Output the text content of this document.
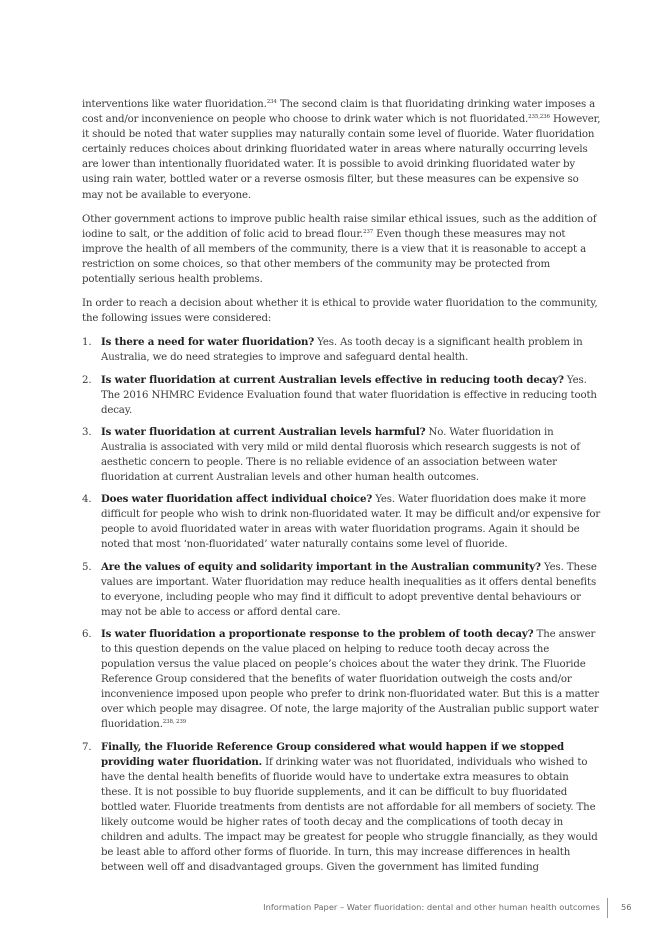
interventions like water fluoridation.$^{234}$ The second claim is that fluoridating drinking water imposes a cost and/or inconvenience on people who choose to drink water which is not fluoridated.$^{235,236}$ However, it should be noted that water supplies may naturally contain some level of fluoride. Water fluoridation certainly reduces choices about drinking fluoridated water in areas where naturally occurring levels are lower than intentionally fluoridated water. It is possible to avoid drinking fluoridated water by using rain water, bottled water or a reverse osmosis filter, but these measures can be expensive so may not be available to everyone.

Other government actions to improve public health raise similar ethical issues, such as the addition of iodine to salt, or the addition of folic acid to bread flour.$^{237}$ Even though these measures may not improve the health of all members of the community, there is a view that it is reasonable to accept a restriction on some choices, so that other members of the community may be protected from potentially serious health problems.

In order to reach a decision about whether it is ethical to provide water fluoridation to the community, the following issues were considered:

1. Is there a need for water fluoridation? Yes. As tooth decay is a significant health problem in Australia, we do need strategies to improve and safeguard dental health.
2. Is water fluoridation at current Australian levels effective in reducing tooth decay? Yes. The 2016 NHMRC Evidence Evaluation found that water fluoridation is effective in reducing tooth decay.
3. Is water fluoridation at current Australian levels harmful? No. Water fluoridation in Australia is associated with very mild or mild dental fluorosis which research suggests is not of aesthetic concern to people. There is no reliable evidence of an association between water fluoridation at current Australian levels and other human health outcomes.
4. Does water fluoridation affect individual choice? Yes. Water fluoridation does make it more difficult for people who wish to drink non-fluoridated water. It may be difficult and/or expensive for people to avoid fluoridated water in areas with water fluoridation programs. Again it should be noted that most ‘non-fluoridated’ water naturally contains some level of fluoride.
5. Are the values of equity and solidarity important in the Australian community? Yes. These values are important. Water fluoridation may reduce health inequalities as it offers dental benefits to everyone, including people who may find it difficult to adopt preventive dental behaviours or may not be able to access or afford dental care.
6. Is water fluoridation a proportionate response to the problem of tooth decay? The answer to this question depends on the value placed on helping to reduce tooth decay across the population versus the value placed on people’s choices about the water they drink. The Fluoride Reference Group considered that the benefits of water fluoridation outweigh the costs and/or inconvenience imposed upon people who prefer to drink non-fluoridated water. But this is a matter over which people may disagree. Of note, the large majority of the Australian public support water fluoridation.$^{238, 239}$
7. Finally, the Fluoride Reference Group considered what would happen if we stopped providing water fluoridation. If drinking water was not fluoridated, individuals who wished to have the dental health benefits of fluoride would have to undertake extra measures to obtain these. It is not possible to buy fluoride supplements, and it can be difficult to buy fluoridated bottled water. Fluoride treatments from dentists are not affordable for all members of society. The likely outcome would be higher rates of tooth decay and the complications of tooth decay in children and adults. The impact may be greatest for people who struggle financially, as they would be least able to afford other forms of fluoride. In turn, this may increase differences in health between well off and disadvantaged groups. Given the government has limited funding
Information Paper – Water fluoridation: dental and other human health outcomes	56
